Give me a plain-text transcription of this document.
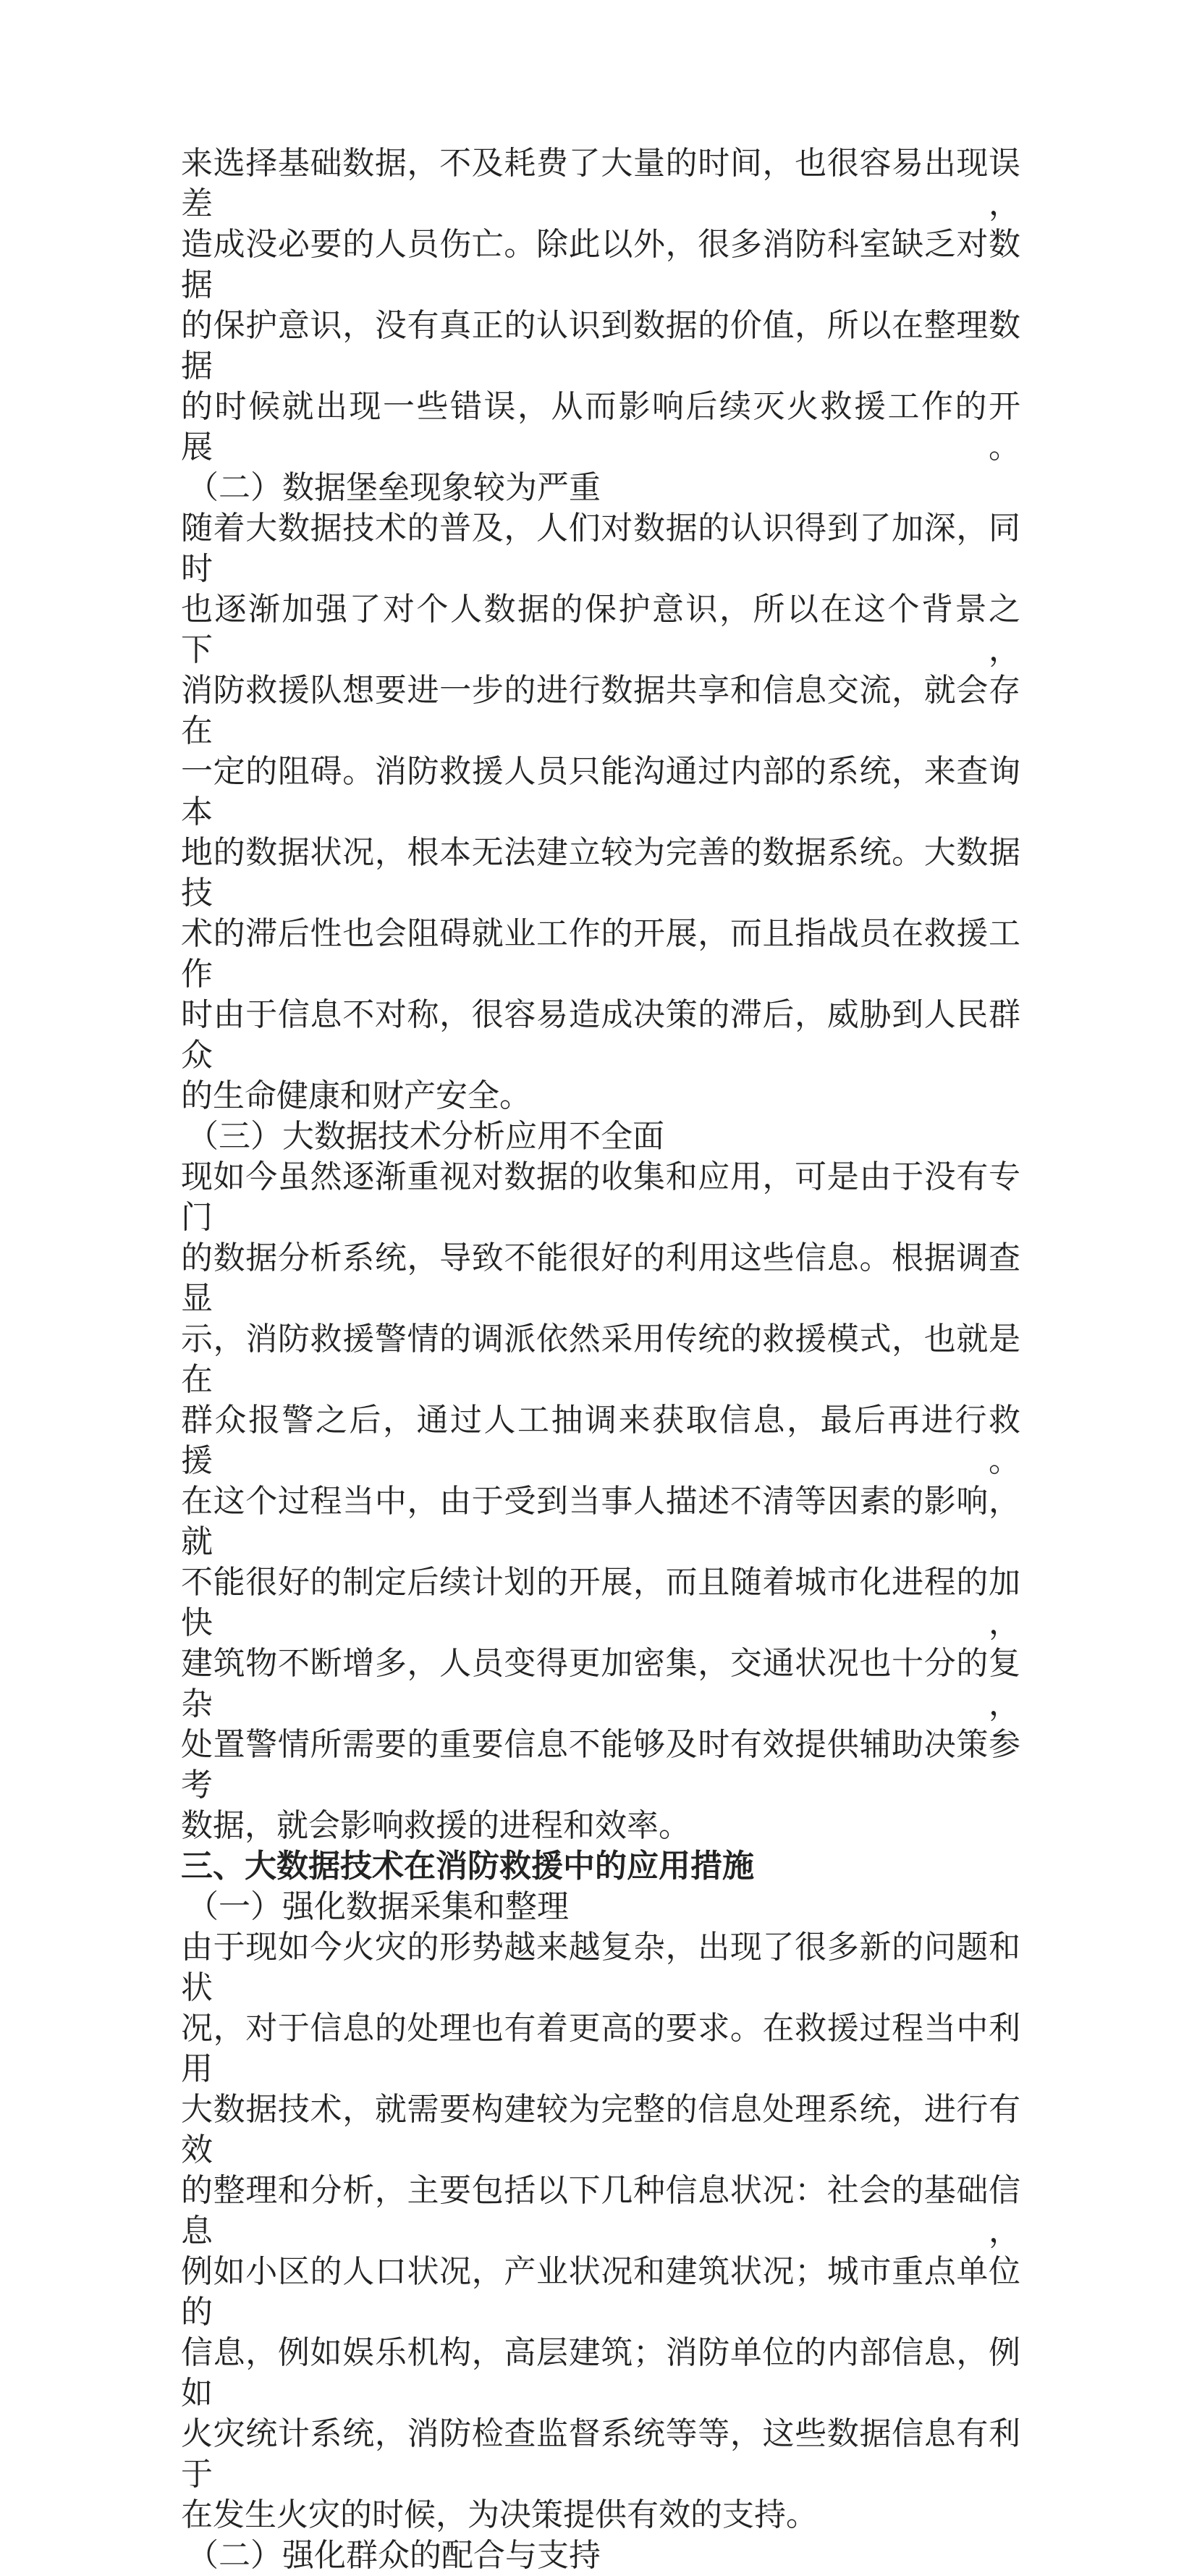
来选择基础数据，不及耗费了大量的时间，也很容易出现误差，
造成没必要的人员伤亡。除此以外，很多消防科室缺乏对数据
的保护意识，没有真正的认识到数据的价值，所以在整理数据
的时候就出现一些错误，从而影响后续灭火救援工作的开展。
（二）数据堡垒现象较为严重
随着大数据技术的普及，人们对数据的认识得到了加深，同时
也逐渐加强了对个人数据的保护意识，所以在这个背景之下，
消防救援队想要进一步的进行数据共享和信息交流，就会存在
一定的阻碍。消防救援人员只能沟通过内部的系统，来查询本
地的数据状况，根本无法建立较为完善的数据系统。大数据技
术的滞后性也会阻碍就业工作的开展，而且指战员在救援工作
时由于信息不对称，很容易造成决策的滞后，威胁到人民群众
的生命健康和财产安全。
（三）大数据技术分析应用不全面
现如今虽然逐渐重视对数据的收集和应用，可是由于没有专门
的数据分析系统，导致不能很好的利用这些信息。根据调查显
示，消防救援警情的调派依然采用传统的救援模式，也就是在
群众报警之后，通过人工抽调来获取信息，最后再进行救援。
在这个过程当中，由于受到当事人描述不清等因素的影响，就
不能很好的制定后续计划的开展，而且随着城市化进程的加快，
建筑物不断增多，人员变得更加密集，交通状况也十分的复杂，
处置警情所需要的重要信息不能够及时有效提供辅助决策参考
数据，就会影响救援的进程和效率。
三、大数据技术在消防救援中的应用措施
（一）强化数据采集和整理
由于现如今火灾的形势越来越复杂，出现了很多新的问题和状
况，对于信息的处理也有着更高的要求。在救援过程当中利用
大数据技术，就需要构建较为完整的信息处理系统，进行有效
的整理和分析，主要包括以下几种信息状况：社会的基础信息，
例如小区的人口状况，产业状况和建筑状况；城市重点单位的
信息，例如娱乐机构，高层建筑；消防单位的内部信息，例如
火灾统计系统，消防检查监督系统等等，这些数据信息有利于
在发生火灾的时候，为决策提供有效的支持。
（二）强化群众的配合与支持
